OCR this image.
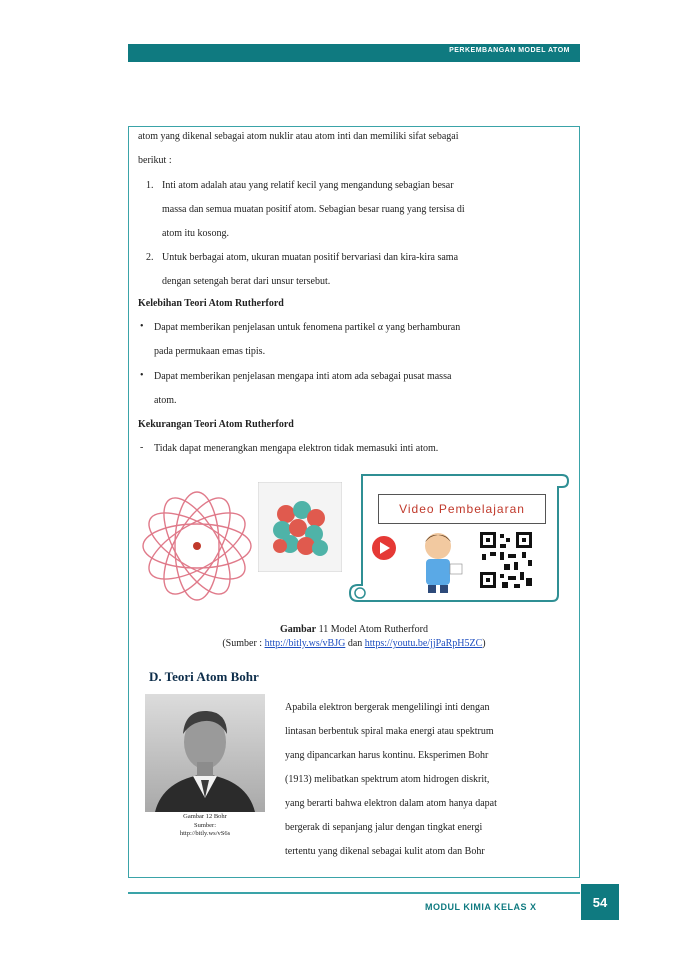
PERKEMBANGAN MODEL ATOM
atom yang dikenal sebagai atom nuklir atau atom inti dan memiliki sifat sebagai
berikut :
1. Inti atom adalah atau yang relatif kecil yang mengandung sebagian besar
massa dan semua muatan positif atom. Sebagian besar ruang yang tersisa di
atom itu kosong.
2. Untuk berbagai atom, ukuran muatan positif bervariasi dan kira-kira sama
dengan setengah berat dari unsur tersebut.
Kelebihan Teori Atom Rutherford
• Dapat memberikan penjelasan untuk fenomena partikel α yang berhamburan
pada permukaan emas tipis.
• Dapat memberikan penjelasan mengapa inti atom ada sebagai pusat massa
atom.
Kekurangan Teori Atom Rutherford
- Tidak dapat menerangkan mengapa elektron tidak memasuki inti atom.
Video Pembelajaran
Gambar 11 Model Atom Rutherford
(Sumber : http://bitly.ws/vBJG dan https://youtu.be/jjPaRpH5ZC)
D. Teori Atom Bohr
Gambar 12 Bohr
Sumber:
http://bitly.ws/vS6s
Apabila elektron bergerak mengelilingi inti dengan
lintasan berbentuk spiral maka energi atau spektrum
yang dipancarkan harus kontinu. Eksperimen Bohr
(1913) melibatkan spektrum atom hidrogen diskrit,
yang berarti bahwa elektron dalam atom hanya dapat
bergerak di sepanjang jalur dengan tingkat energi
tertentu yang dikenal sebagai kulit atom dan Bohr
MODUL KIMIA KELAS X	54
